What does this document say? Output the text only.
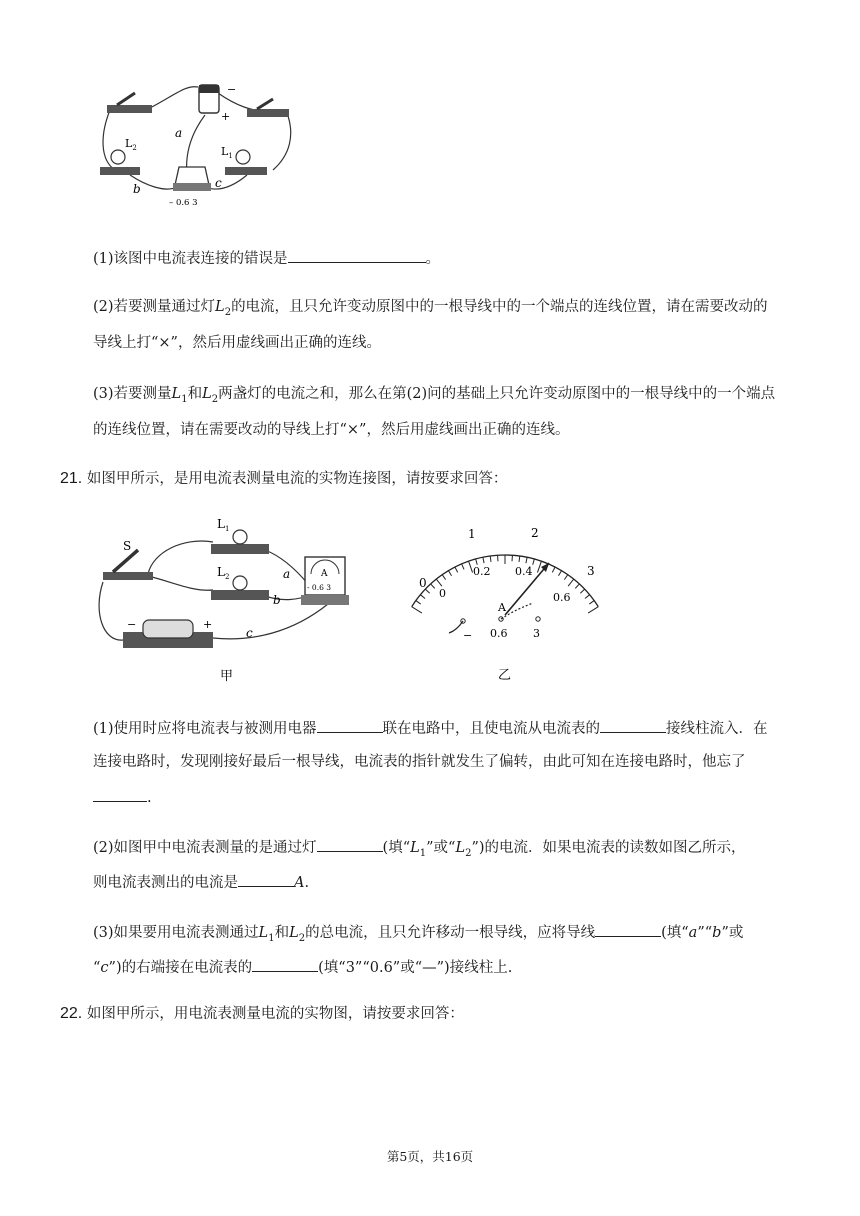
−
+
$L_2$	$L_1$
– 0.6 3
a
b	c
(1)该图中电流表连接的错误是	。
(2)若要测量通过灯$L_2$的电流，且只允许变动原图中的一根导线中的一个端点的连线位置，请在需要改动的
导线上打“×”，然后用虚线画出正确的连线。
(3)若要测量$L_1$和$L_2$两盏灯的电流之和，那么在第(2)问的基础上只允许变动原图中的一根导线中的一个端点
的连线位置，请在需要改动的导线上打“×”，然后用虚线画出正确的连线。
21. 如图甲所示，是用电流表测量电流的实物连接图，请按要求回答：
S
$L_1$
$L_2$	A
- 0.6 3
−	+
a
b
c
甲
0
1	2
3
0
0.2 0.4
0.6
A
− 0.6 3
乙
(1)使用时应将电流表与被测用电器	联在电路中，且使电流从电流表的	接线柱流入．在
连接电路时，发现刚接好最后一根导线，电流表的指针就发生了偏转，由此可知在连接电路时，他忘了
.
(2)如图甲中电流表测量的是通过灯	(填“$L_1$”或“$L_2$”)的电流．如果电流表的读数如图乙所示，
则电流表测出的电流是	A.
(3)如果要用电流表测通过$L_1$和$L_2$的总电流，且只允许移动一根导线，应将导线	(填“a”“b”或
“c”)的右端接在电流表的	(填“3”“0.6”或“—”)接线柱上.
22. 如图甲所示，用电流表测量电流的实物图，请按要求回答：
第5页，共16页
